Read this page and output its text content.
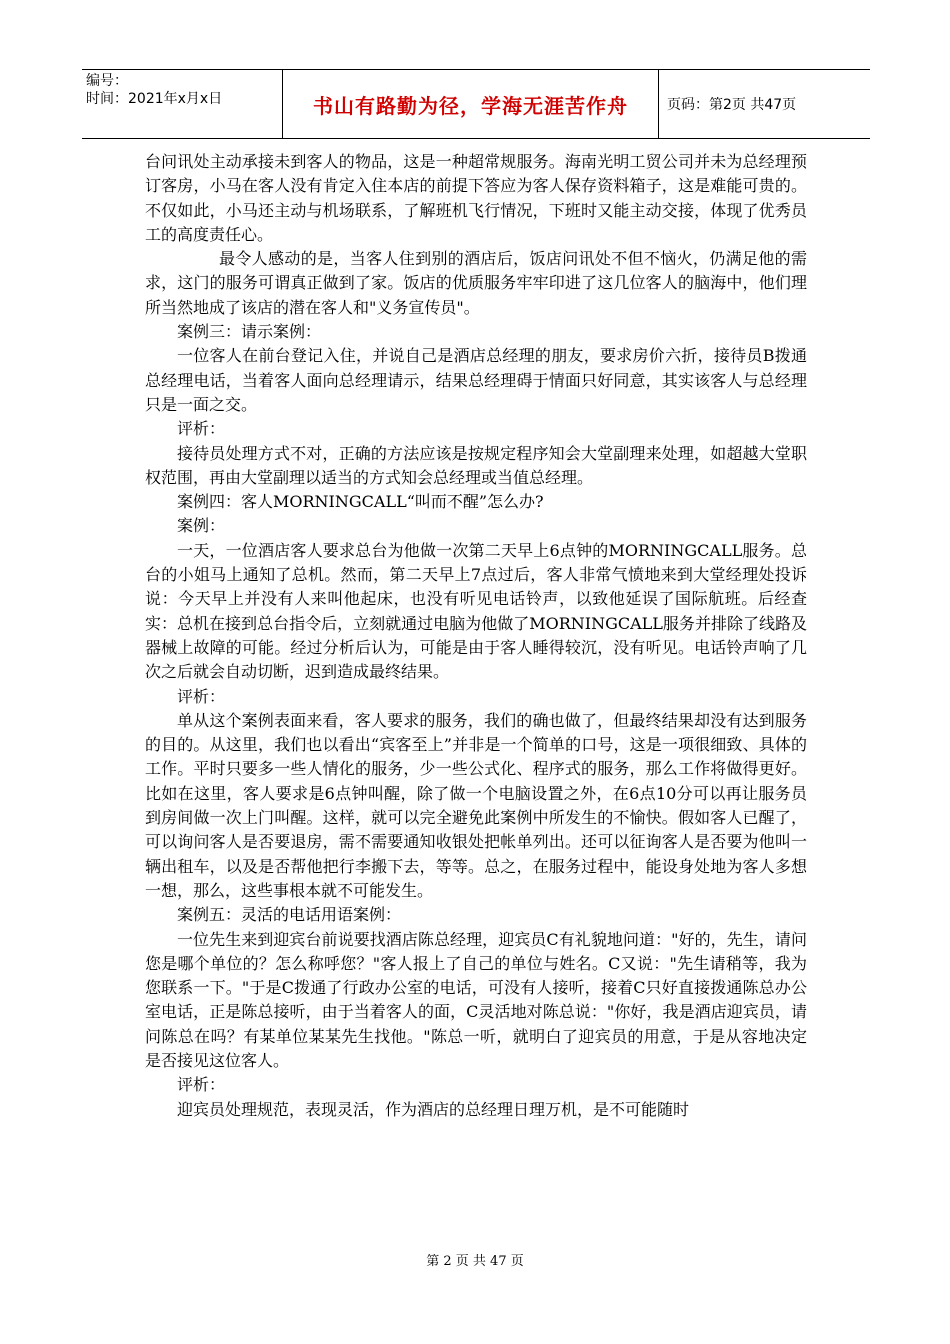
编号：
时间：2021年x月x日	书山有路勤为径，学海无涯苦作舟	页码：第2页 共47页

台问讯处主动承接未到客人的物品，这是一种超常规服务。海南光明工贸公司并未为总经理预订客房，小马在客人没有肯定入住本店的前提下答应为客人保存资料箱子，这是难能可贵的。不仅如此，小马还主动与机场联系，了解班机飞行情况，下班时又能主动交接，体现了优秀员工的高度责任心。

最令人感动的是，当客人住到别的酒店后，饭店问讯处不但不恼火，仍满足他的需求，这门的服务可谓真正做到了家。饭店的优质服务牢牢印进了这几位客人的脑海中，他们理所当然地成了该店的潜在客人和"义务宣传员"。

案例三：请示案例：

一位客人在前台登记入住，并说自己是酒店总经理的朋友，要求房价六折，接待员B拨通总经理电话，当着客人面向总经理请示，结果总经理碍于情面只好同意，其实该客人与总经理只是一面之交。

评析：

接待员处理方式不对，正确的方法应该是按规定程序知会大堂副理来处理，如超越大堂职权范围，再由大堂副理以适当的方式知会总经理或当值总经理。

案例四：客人MORNINGCALL“叫而不醒”怎么办?

案例：

一天，一位酒店客人要求总台为他做一次第二天早上6点钟的MORNINGCALL服务。总台的小姐马上通知了总机。然而，第二天早上7点过后，客人非常气愤地来到大堂经理处投诉说：今天早上并没有人来叫他起床，也没有听见电话铃声，以致他延误了国际航班。后经查实：总机在接到总台指令后，立刻就通过电脑为他做了MORNINGCALL服务并排除了线路及器械上故障的可能。经过分析后认为，可能是由于客人睡得较沉，没有听见。电话铃声响了几次之后就会自动切断，迟到造成最终结果。

评析：

单从这个案例表面来看，客人要求的服务，我们的确也做了，但最终结果却没有达到服务的目的。从这里，我们也以看出“宾客至上”并非是一个简单的口号，这是一项很细致、具体的工作。平时只要多一些人情化的服务，少一些公式化、程序式的服务，那么工作将做得更好。比如在这里，客人要求是6点钟叫醒，除了做一个电脑设置之外，在6点10分可以再让服务员到房间做一次上门叫醒。这样，就可以完全避免此案例中所发生的不愉快。假如客人已醒了，可以询问客人是否要退房，需不需要通知收银处把帐单列出。还可以征询客人是否要为他叫一辆出租车，以及是否帮他把行李搬下去，等等。总之，在服务过程中，能设身处地为客人多想一想，那么，这些事根本就不可能发生。

案例五：灵活的电话用语案例：

一位先生来到迎宾台前说要找酒店陈总经理，迎宾员C有礼貌地问道："好的，先生，请问您是哪个单位的？怎么称呼您？"客人报上了自己的单位与姓名。C又说："先生请稍等，我为您联系一下。"于是C拨通了行政办公室的电话，可没有人接听，接着C只好直接拨通陈总办公室电话，正是陈总接听，由于当着客人的面，C灵活地对陈总说："你好，我是酒店迎宾员，请问陈总在吗？有某单位某某先生找他。"陈总一听，就明白了迎宾员的用意，于是从容地决定是否接见这位客人。

评析：

迎宾员处理规范，表现灵活，作为酒店的总经理日理万机，是不可能随时

第 2 页 共 47 页
